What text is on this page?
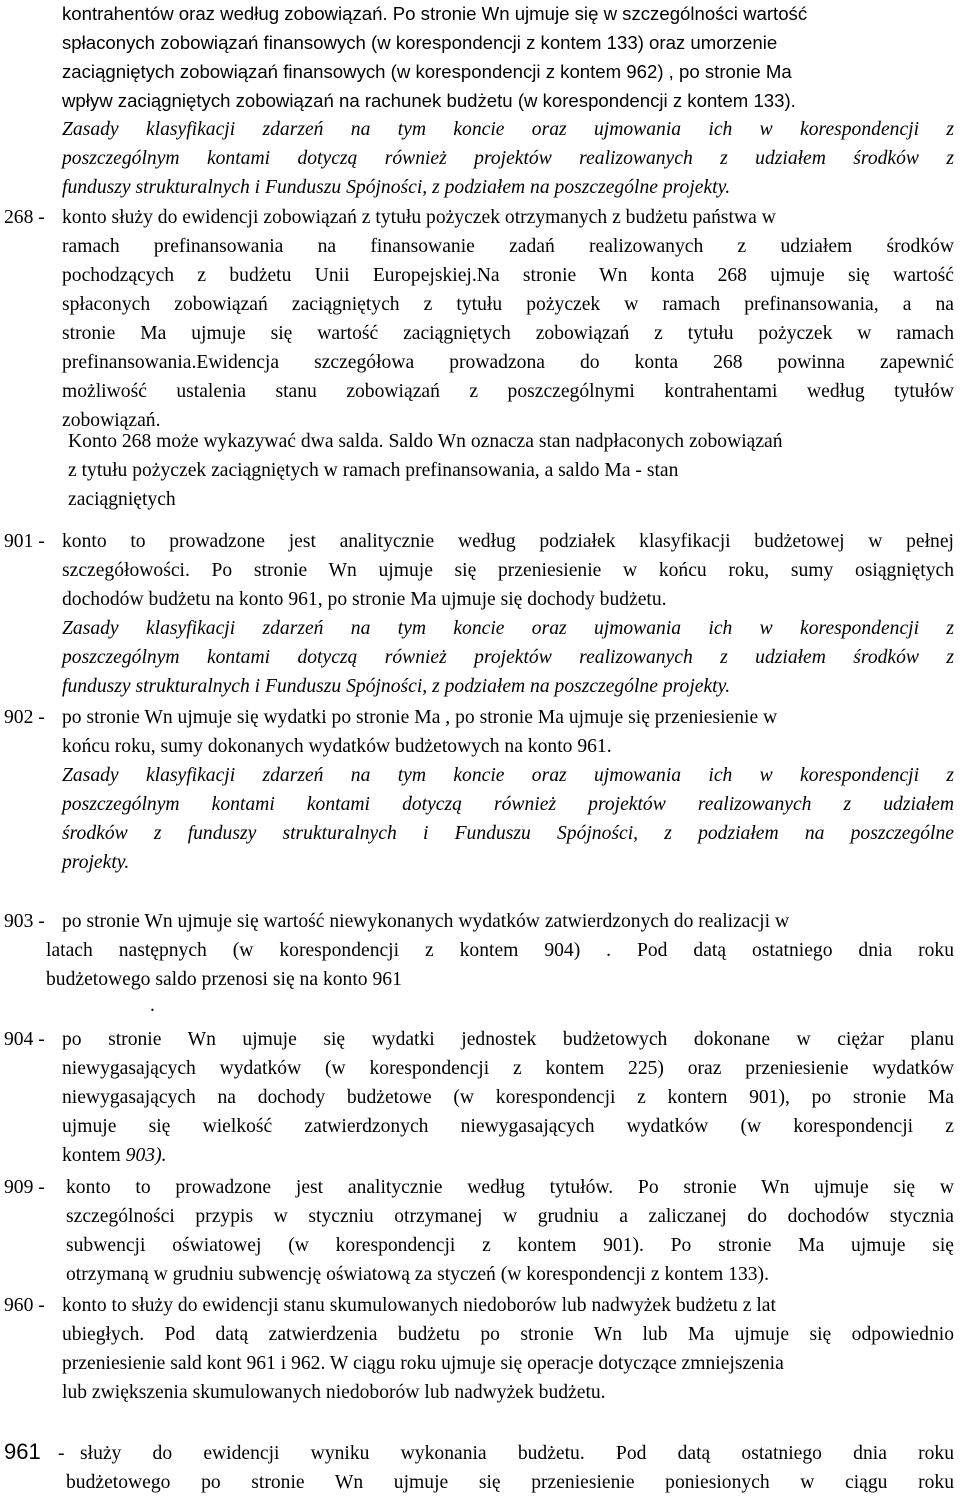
kontrahentów oraz według zobowiązań. Po stronie Wn ujmuje się w szczególności wartość
spłaconych zobowiązań finansowych (w korespondencji z kontem 133) oraz umorzenie
zaciągniętych zobowiązań finansowych (w korespondencji z kontem 962) , po stronie Ma
wpływ zaciągniętych zobowiązań na rachunek budżetu (w korespondencji z kontem 133).
Zasady klasyfikacji zdarzeń na tym koncie oraz ujmowania ich w korespondencji z
poszczególnym kontami dotyczą również projektów realizowanych z udziałem środków z
funduszy strukturalnych i Funduszu Spójności, z podziałem na poszczególne projekty.
268 - konto służy do ewidencji zobowiązań z tytułu pożyczek otrzymanych z budżetu państwa w
ramach prefinansowania na finansowanie zadań realizowanych z udziałem środków
pochodzących z budżetu Unii Europejskiej.Na stronie Wn konta 268 ujmuje się wartość
spłaconych zobowiązań zaciągniętych z tytułu pożyczek w ramach prefinansowania, a na
stronie Ma ujmuje się wartość zaciągniętych zobowiązań z tytułu pożyczek w ramach
prefinansowania.Ewidencja szczegółowa prowadzona do konta 268 powinna zapewnić
możliwość ustalenia stanu zobowiązań z poszczególnymi kontrahentami według tytułów
zobowiązań.
Konto 268 może wykazywać dwa salda. Saldo Wn oznacza stan nadpłaconych zobowiązań
z tytułu pożyczek zaciągniętych w ramach prefinansowania, a saldo Ma - stan
zaciągniętych
901 - konto to prowadzone jest analitycznie według podziałek klasyfikacji budżetowej w pełnej
szczegółowości. Po stronie Wn ujmuje się przeniesienie w końcu roku, sumy osiągniętych
dochodów budżetu na konto 961, po stronie Ma ujmuje się dochody budżetu.
Zasady klasyfikacji zdarzeń na tym koncie oraz ujmowania ich w korespondencji z
poszczególnym kontami dotyczą również projektów realizowanych z udziałem środków z
funduszy strukturalnych i Funduszu Spójności, z podziałem na poszczególne projekty.
902 - po stronie Wn ujmuje się wydatki po stronie Ma , po stronie Ma ujmuje się przeniesienie w
końcu roku, sumy dokonanych wydatków budżetowych na konto 961.
Zasady klasyfikacji zdarzeń na tym koncie oraz ujmowania ich w korespondencji z
poszczególnym kontami kontami dotyczą również projektów realizowanych z udziałem
środków z funduszy strukturalnych i Funduszu Spójności, z podziałem na poszczególne
projekty.
903 - po stronie Wn ujmuje się wartość niewykonanych wydatków zatwierdzonych do realizacji w
latach następnych (w korespondencji z kontem 904) . Pod datą ostatniego dnia roku
budżetowego saldo przenosi się na konto 961
.
904 - po stronie Wn ujmuje się wydatki jednostek budżetowych dokonane w ciężar planu
niewygasających wydatków (w korespondencji z kontem 225) oraz przeniesienie wydatków
niewygasających na dochody budżetowe (w korespondencji z kontern 901), po stronie Ma
ujmuje się wielkość zatwierdzonych niewygasających wydatków (w korespondencji z
kontem 903).
909 - konto to prowadzone jest analitycznie według tytułów. Po stronie Wn ujmuje się w
szczególności przypis w styczniu otrzymanej w grudniu a zaliczanej do dochodów stycznia
subwencji oświatowej (w korespondencji z kontem 901). Po stronie Ma ujmuje się
otrzymaną w grudniu subwencję oświatową za styczeń (w korespondencji z kontem 133).
960 - konto to służy do ewidencji stanu skumulowanych niedoborów lub nadwyżek budżetu z lat
ubiegłych. Pod datą zatwierdzenia budżetu po stronie Wn lub Ma ujmuje się odpowiednio
przeniesienie sald kont 961 i 962. W ciągu roku ujmuje się operacje dotyczące zmniejszenia
lub zwiększenia skumulowanych niedoborów lub nadwyżek budżetu.
961 - służy do ewidencji wyniku wykonania budżetu. Pod datą ostatniego dnia roku
budżetowego po stronie Wn ujmuje się przeniesienie poniesionych w ciągu roku
